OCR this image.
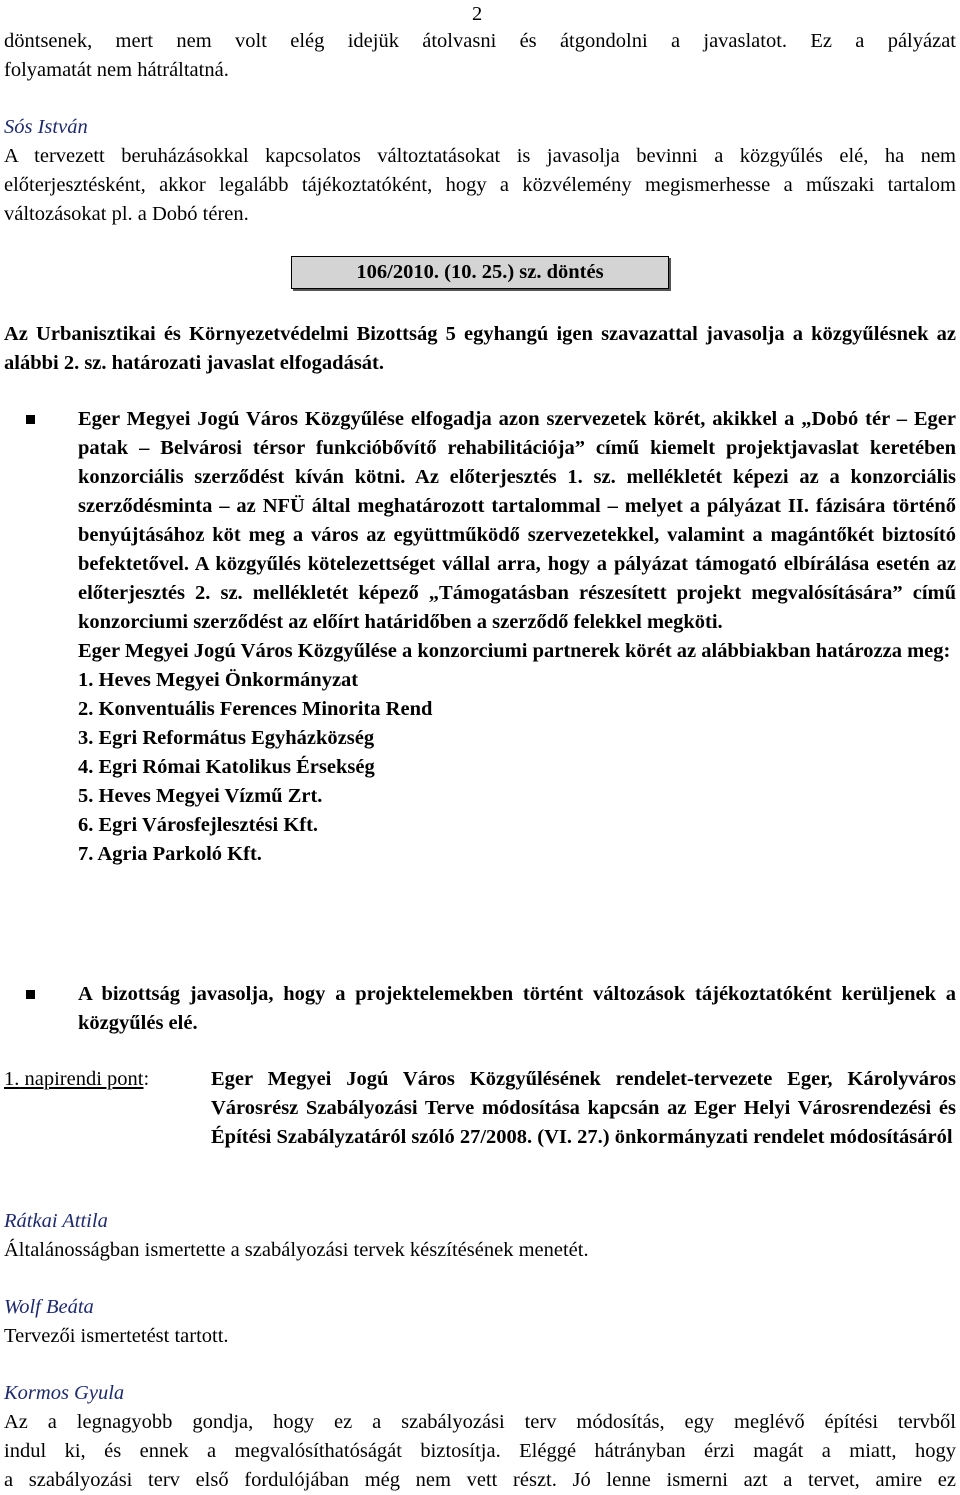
2

döntsenek, mert nem volt elég idejük átolvasni és átgondolni a javaslatot. Ez a pályázat

folyamatát nem hátráltatná.

Sós István

A tervezett beruházásokkal kapcsolatos változtatásokat is javasolja bevinni a közgyűlés elé, ha nem előterjesztésként, akkor legalább tájékoztatóként, hogy a közvélemény megismerhesse a műszaki tartalom változásokat pl. a Dobó téren.

106/2010. (10. 25.) sz. döntés

Az Urbanisztikai és Környezetvédelmi Bizottság 5 egyhangú igen szavazattal javasolja a közgyűlésnek az alábbi 2. sz. határozati javaslat elfogadását.

Eger Megyei Jogú Város Közgyűlése elfogadja azon szervezetek körét, akikkel a „Dobó tér – Eger patak – Belvárosi térsor funkcióbővítő rehabilitációja” című kiemelt projektjavaslat keretében konzorciális szerződést kíván kötni. Az előterjesztés 1. sz. mellékletét képezi az a konzorciális szerződésminta – az NFÜ által meghatározott tartalommal – melyet a pályázat II. fázisára történő benyújtásához köt meg a város az együttműködő szervezetekkel, valamint a magántőkét biztosító befektetővel. A közgyűlés kötelezettséget vállal arra, hogy a pályázat támogató elbírálása esetén az előterjesztés 2. sz. mellékletét képező „Támogatásban részesített projekt megvalósítására” című konzorciumi szerződést az előírt határidőben a szerződő felekkel megköti.

Eger Megyei Jogú Város Közgyűlése a konzorciumi partnerek körét az alábbiakban határozza meg:

1. Heves Megyei Önkormányzat
2. Konventuális Ferences Minorita Rend
3. Egri Református Egyházközség
4. Egri Római Katolikus Érsekség
5. Heves Megyei Vízmű Zrt.
6. Egri Városfejlesztési Kft.
7. Agria Parkoló Kft.

A bizottság javasolja, hogy a projektelemekben történt változások tájékoztatóként kerüljenek a közgyűlés elé.

1. napirendi pont:	Eger Megyei Jogú Város Közgyűlésének rendelet-tervezete Eger, Károlyváros Városrész Szabályozási Terve módosítása kapcsán az Eger Helyi Városrendezési és Építési Szabályzatáról szóló 27/2008. (VI. 27.) önkormányzati rendelet módosításáról

Rátkai Attila

Általánosságban ismertette a szabályozási tervek készítésének menetét.

Wolf Beáta

Tervezői ismertetést tartott.

Kormos Gyula

Az a legnagyobb gondja, hogy ez a szabályozási terv módosítás, egy meglévő építési tervből

indul ki, és ennek a megvalósíthatóságát biztosítja. Eléggé hátrányban érzi magát a miatt, hogy

a szabályozási terv első fordulójában még nem vett részt. Jó lenne ismerni azt a tervet, amire ez
